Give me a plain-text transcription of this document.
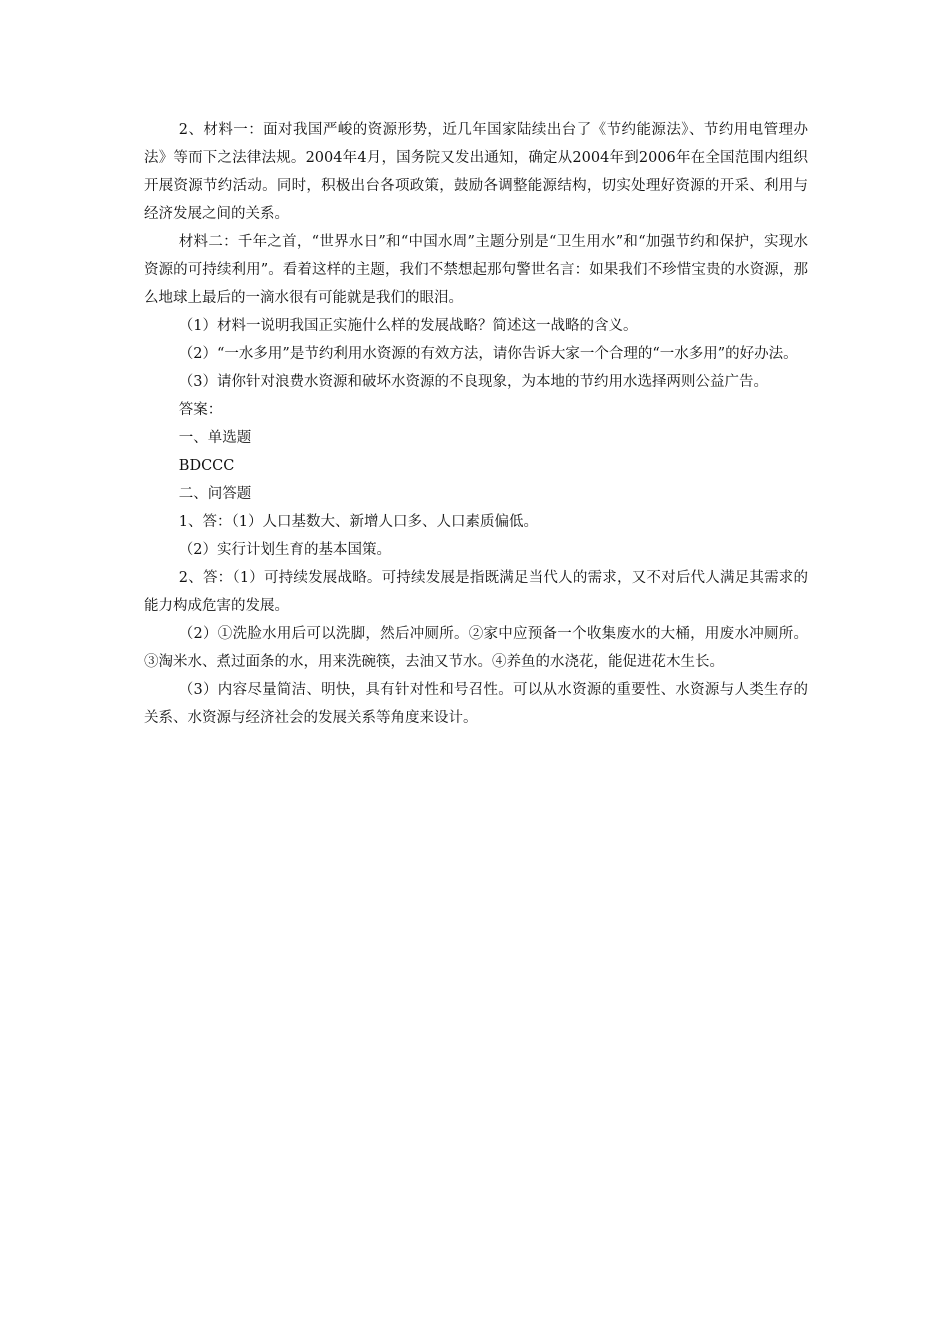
2、材料一：面对我国严峻的资源形势，近几年国家陆续出台了《节约能源法》、节约用电管理办法》等而下之法律法规。2004年4月，国务院又发出通知，确定从2004年到2006年在全国范围内组织开展资源节约活动。同时，积极出台各项政策，鼓励各调整能源结构，切实处理好资源的开采、利用与经济发展之间的关系。

材料二：千年之首，“世界水日”和“中国水周”主题分别是“卫生用水”和“加强节约和保护，实现水资源的可持续利用”。看着这样的主题，我们不禁想起那句警世名言：如果我们不珍惜宝贵的水资源，那么地球上最后的一滴水很有可能就是我们的眼泪。

（1）材料一说明我国正实施什么样的发展战略？简述这一战略的含义。

（2）“一水多用”是节约利用水资源的有效方法，请你告诉大家一个合理的“一水多用”的好办法。

（3）请你针对浪费水资源和破坏水资源的不良现象，为本地的节约用水选择两则公益广告。

答案：

一、单选题

BDCCC

二、问答题

1、答：（1）人口基数大、新增人口多、人口素质偏低。

（2）实行计划生育的基本国策。

2、答：（1）可持续发展战略。可持续发展是指既满足当代人的需求，又不对后代人满足其需求的能力构成危害的发展。

（2）①洗脸水用后可以洗脚，然后冲厕所。②家中应预备一个收集废水的大桶，用废水冲厕所。③淘米水、煮过面条的水，用来洗碗筷，去油又节水。④养鱼的水浇花，能促进花木生长。

（3）内容尽量简洁、明快，具有针对性和号召性。可以从水资源的重要性、水资源与人类生存的关系、水资源与经济社会的发展关系等角度来设计。
